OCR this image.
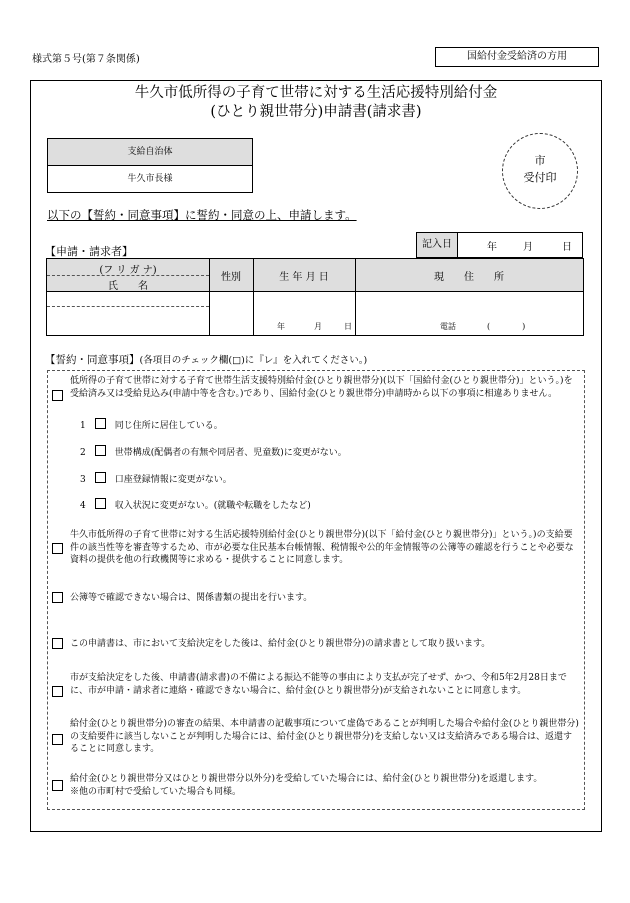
様式第５号(第７条関係)	国給付金受給済の方用
牛久市低所得の子育て世帯に対する生活応援特別給付金
(ひとり親世帯分)申請書(請求書)
支給自治体
牛久市長様
市
受付印
以下の【誓約・同意事項】に誓約・同意の上、申請します。
記入日	年	月	日
【申請・請求者】
(フ リ ガ ナ)
氏　　名
性別	生 年 月 日	現　　住　　所
年	月	日	電話	(　　　　)
【誓約・同意事項】(各項目のチェック欄(□)に『レ』を入れてください。)
低所得の子育て世帯に対する子育て世帯生活支援特別給付金(ひとり親世帯分)(以下「国給付金(ひとり親世帯分)」という。)を受給済み又は受給見込み(申請中等を含む。)であり、国給付金(ひとり親世帯分)申請時から以下の事項に相違ありません。
1　　	同じ住所に居住している。
2　　	世帯構成(配偶者の有無や同居者、児童数)に変更がない。
3　　	口座登録情報に変更がない。
4　　	収入状況に変更がない。(就職や転職をしたなど)
牛久市低所得の子育て世帯に対する生活応援特別給付金(ひとり親世帯分)(以下「給付金(ひとり親世帯分)」という。)の支給要件の該当性等を審査等するため、市が必要な住民基本台帳情報、税情報や公的年金情報等の公簿等の確認を行うことや必要な資料の提供を他の行政機関等に求める・提供することに同意します。
公簿等で確認できない場合は、関係書類の提出を行います。
この申請書は、市において支給決定をした後は、給付金(ひとり親世帯分)の請求書として取り扱います。
市が支給決定をした後、申請書(請求書)の不備による振込不能等の事由により支払が完了せず、かつ、令和5年2月28日までに、市が申請・請求者に連絡・確認できない場合に、給付金(ひとり親世帯分)が支給されないことに同意します。
給付金(ひとり親世帯分)の審査の結果、本申請書の記載事項について虚偽であることが判明した場合や給付金(ひとり親世帯分)の支給要件に該当しないことが判明した場合には、給付金(ひとり親世帯分)を支給しない又は支給済みである場合は、返還することに同意します。
給付金(ひとり親世帯分又はひとり親世帯分以外分)を受給していた場合には、給付金(ひとり親世帯分)を返還します。
※他の市町村で受給していた場合も同様。
